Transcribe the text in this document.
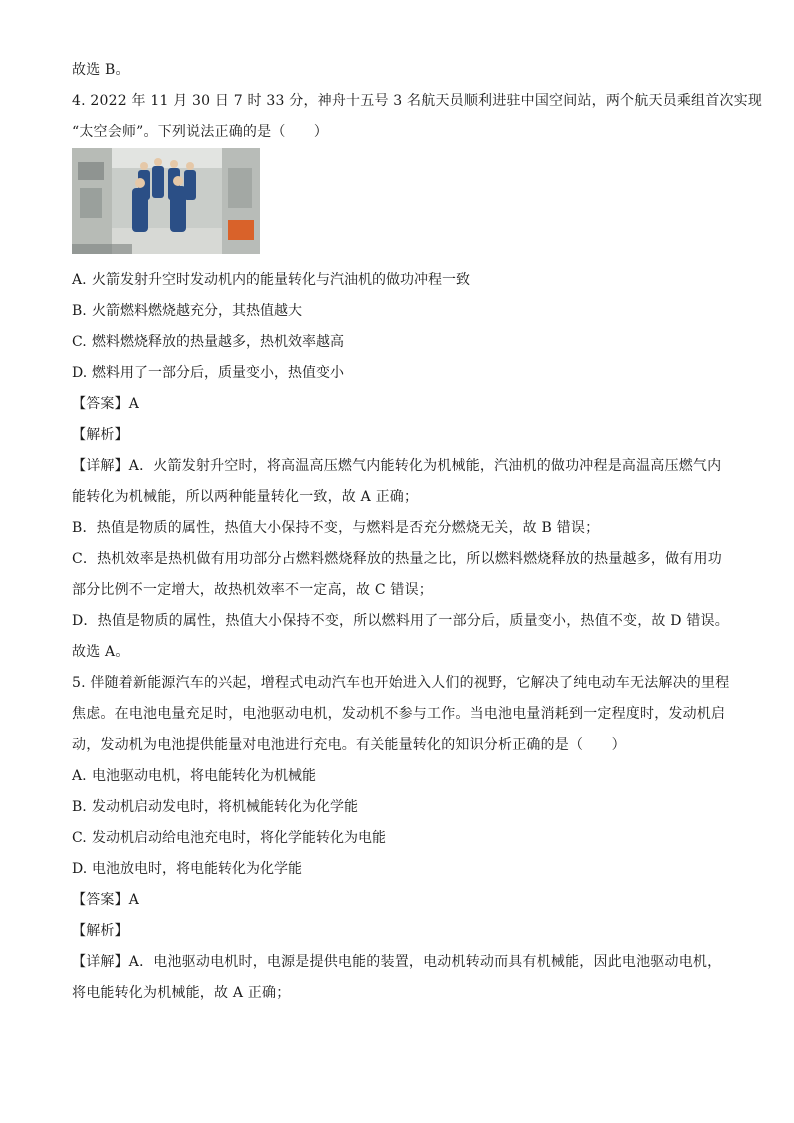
故选 B。
4. 2022 年 11 月 30 日 7 时 33 分，神舟十五号 3 名航天员顺利进驻中国空间站，两个航天员乘组首次实现
“太空会师”。下列说法正确的是（　　）
A. 火箭发射升空时发动机内的能量转化与汽油机的做功冲程一致
B. 火箭燃料燃烧越充分，其热值越大
C. 燃料燃烧释放的热量越多，热机效率越高
D. 燃料用了一部分后，质量变小，热值变小
【答案】A
【解析】
【详解】A．火箭发射升空时，将高温高压燃气内能转化为机械能，汽油机的做功冲程是高温高压燃气内
能转化为机械能，所以两种能量转化一致，故 A 正确；
B．热值是物质的属性，热值大小保持不变，与燃料是否充分燃烧无关，故 B 错误；
C．热机效率是热机做有用功部分占燃料燃烧释放的热量之比，所以燃料燃烧释放的热量越多，做有用功
部分比例不一定增大，故热机效率不一定高，故 C 错误；
D．热值是物质的属性，热值大小保持不变，所以燃料用了一部分后，质量变小，热值不变，故 D 错误。
故选 A。
5. 伴随着新能源汽车的兴起，增程式电动汽车也开始进入人们的视野，它解决了纯电动车无法解决的里程
焦虑。在电池电量充足时，电池驱动电机，发动机不参与工作。当电池电量消耗到一定程度时，发动机启
动，发动机为电池提供能量对电池进行充电。有关能量转化的知识分析正确的是（　　）
A. 电池驱动电机，将电能转化为机械能
B. 发动机启动发电时，将机械能转化为化学能
C. 发动机启动给电池充电时，将化学能转化为电能
D. 电池放电时，将电能转化为化学能
【答案】A
【解析】
【详解】A．电池驱动电机时，电源是提供电能的装置，电动机转动而具有机械能，因此电池驱动电机，
将电能转化为机械能，故 A 正确；
